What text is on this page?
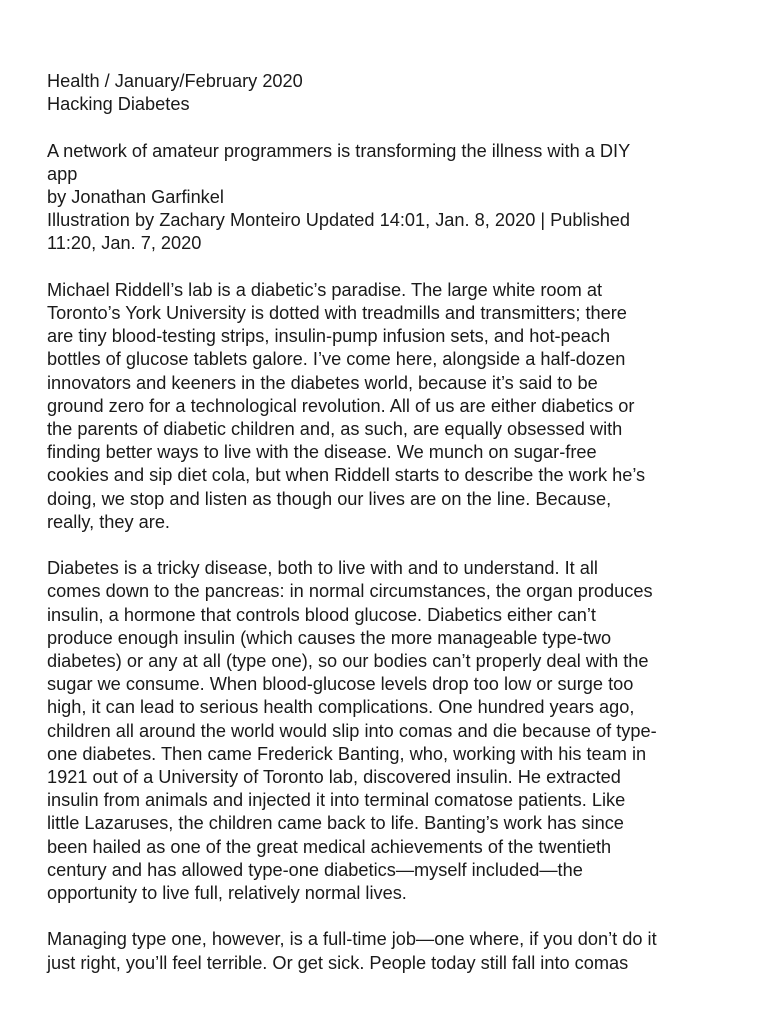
Health / January/February 2020
Hacking Diabetes
A network of amateur programmers is transforming the illness with a DIY
app
by Jonathan Garfinkel
Illustration by Zachary Monteiro Updated 14:01, Jan. 8, 2020 | Published
11:20, Jan. 7, 2020
Michael Riddell’s lab is a diabetic’s paradise. The large white room at
Toronto’s York University is dotted with treadmills and transmitters; there
are tiny blood-testing strips, insulin-pump infusion sets, and hot-peach
bottles of glucose tablets galore. I’ve come here, alongside a half-dozen
innovators and keeners in the diabetes world, because it’s said to be
ground zero for a technological revolution. All of us are either diabetics or
the parents of diabetic children and, as such, are equally obsessed with
finding better ways to live with the disease. We munch on sugar-free
cookies and sip diet cola, but when Riddell starts to describe the work he’s
doing, we stop and listen as though our lives are on the line. Because,
really, they are.
Diabetes is a tricky disease, both to live with and to understand. It all
comes down to the pancreas: in normal circumstances, the organ produces
insulin, a hormone that controls blood glucose. Diabetics either can’t
produce enough insulin (which causes the more manageable type-two
diabetes) or any at all (type one), so our bodies can’t properly deal with the
sugar we consume. When blood-glucose levels drop too low or surge too
high, it can lead to serious health complications. One hundred years ago,
children all around the world would slip into comas and die because of type-
one diabetes. Then came Frederick Banting, who, working with his team in
1921 out of a University of Toronto lab, discovered insulin. He extracted
insulin from animals and injected it into terminal comatose patients. Like
little Lazaruses, the children came back to life. Banting’s work has since
been hailed as one of the great medical achievements of the twentieth
century and has allowed type-one diabetics—myself included—the
opportunity to live full, relatively normal lives.
Managing type one, however, is a full-time job—one where, if you don’t do it
just right, you’ll feel terrible. Or get sick. People today still fall into comas
